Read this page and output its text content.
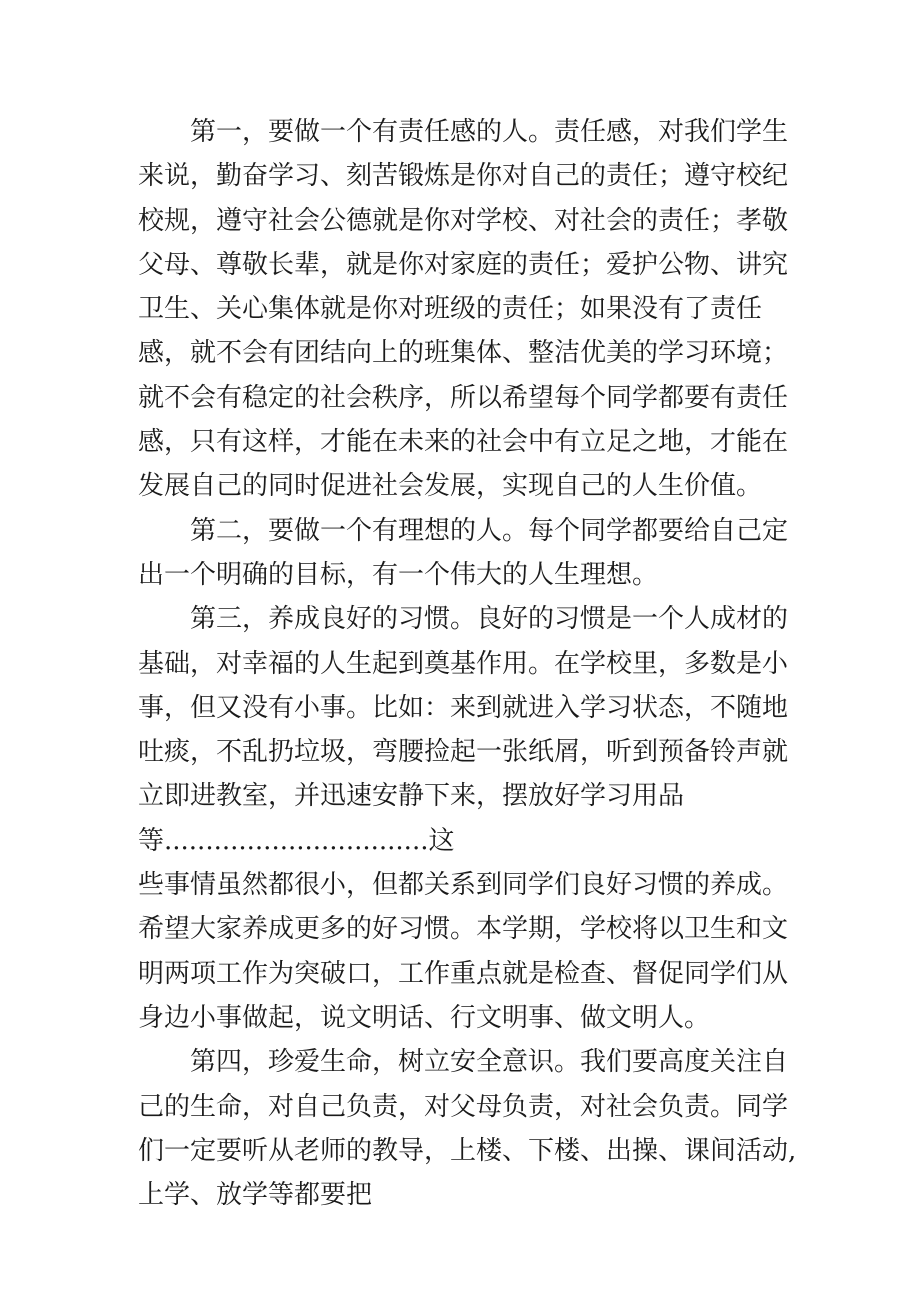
第一，要做一个有责任感的人。责任感，对我们学生来说，勤奋学习、刻苦锻炼是你对自己的责任；遵守校纪校规，遵守社会公德就是你对学校、对社会的责任；孝敬父母、尊敬长辈，就是你对家庭的责任；爱护公物、讲究卫生、关心集体就是你对班级的责任；如果没有了责任感，就不会有团结向上的班集体、整洁优美的学习环境；就不会有稳定的社会秩序，所以希望每个同学都要有责任感，只有这样，才能在未来的社会中有立足之地，才能在发展自己的同时促进社会发展，实现自己的人生价值。

第二，要做一个有理想的人。每个同学都要给自己定出一个明确的目标，有一个伟大的人生理想。

第三，养成良好的习惯。良好的习惯是一个人成材的基础，对幸福的人生起到奠基作用。在学校里，多数是小事，但又没有小事。比如：来到就进入学习状态，不随地吐痰，不乱扔垃圾，弯腰捡起一张纸屑，听到预备铃声就立即进教室，并迅速安静下来，摆放好学习用品等................................这

些事情虽然都很小，但都关系到同学们良好习惯的养成。希望大家养成更多的好习惯。本学期，学校将以卫生和文明两项工作为突破口，工作重点就是检查、督促同学们从身边小事做起，说文明话、行文明事、做文明人。

第四，珍爱生命，树立安全意识。我们要高度关注自己的生命，对自己负责，对父母负责，对社会负责。同学们一定要听从老师的教导，上楼、下楼、出操、课间活动,上学、放学等都要把
